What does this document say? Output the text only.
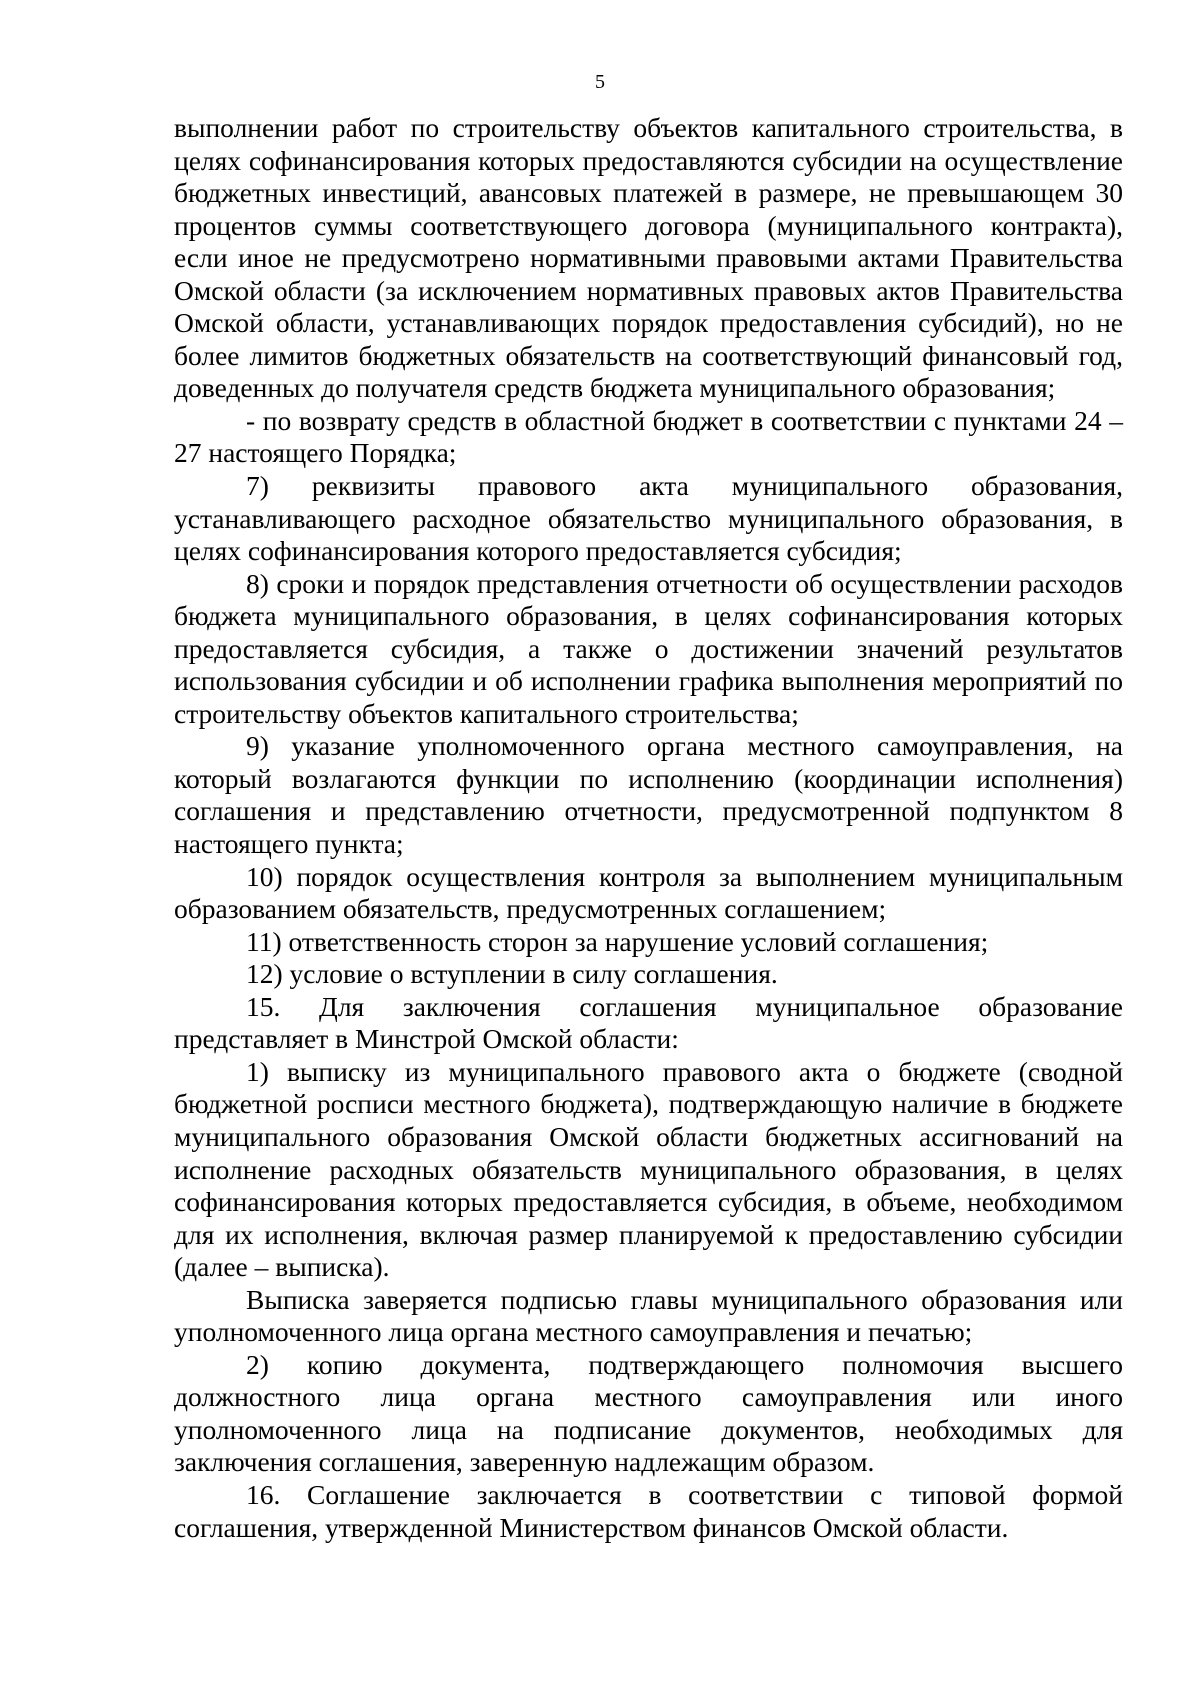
5

выполнении работ по строительству объектов капитального строительства, в целях софинансирования которых предоставляются субсидии на осуществление бюджетных инвестиций, авансовых платежей в размере, не превышающем 30 процентов суммы соответствующего договора (муниципального контракта), если иное не предусмотрено нормативными правовыми актами Правительства Омской области (за исключением нормативных правовых актов Правительства Омской области, устанавливающих порядок предоставления субсидий), но не более лимитов бюджетных обязательств на соответствующий финансовый год, доведенных до получателя средств бюджета муниципального образования;

- по возврату средств в областной бюджет в соответствии с пунктами 24 – 27 настоящего Порядка;

7) реквизиты правового акта муниципального образования, устанавливающего расходное обязательство муниципального образования, в целях софинансирования которого предоставляется субсидия;

8) сроки и порядок представления отчетности об осуществлении расходов бюджета муниципального образования, в целях софинансирования которых предоставляется субсидия, а также о достижении значений результатов использования субсидии и об исполнении графика выполнения мероприятий по строительству объектов капитального строительства;

9) указание уполномоченного органа местного самоуправления, на который возлагаются функции по исполнению (координации исполнения) соглашения и представлению отчетности, предусмотренной подпунктом 8 настоящего пункта;

10) порядок осуществления контроля за выполнением муниципальным образованием обязательств, предусмотренных соглашением;

11) ответственность сторон за нарушение условий соглашения;

12) условие о вступлении в силу соглашения.

15. Для заключения соглашения муниципальное образование представляет в Минстрой Омской области:

1) выписку из муниципального правового акта о бюджете (сводной бюджетной росписи местного бюджета), подтверждающую наличие в бюджете муниципального образования Омской области бюджетных ассигнований на исполнение расходных обязательств муниципального образования, в целях софинансирования которых предоставляется субсидия, в объеме, необходимом для их исполнения, включая размер планируемой к предоставлению субсидии (далее – выписка).

Выписка заверяется подписью главы муниципального образования или уполномоченного лица органа местного самоуправления и печатью;

2) копию документа, подтверждающего полномочия высшего должностного лица органа местного самоуправления или иного уполномоченного лица на подписание документов, необходимых для заключения соглашения, заверенную надлежащим образом.

16. Соглашение заключается в соответствии с типовой формой соглашения, утвержденной Министерством финансов Омской области.
